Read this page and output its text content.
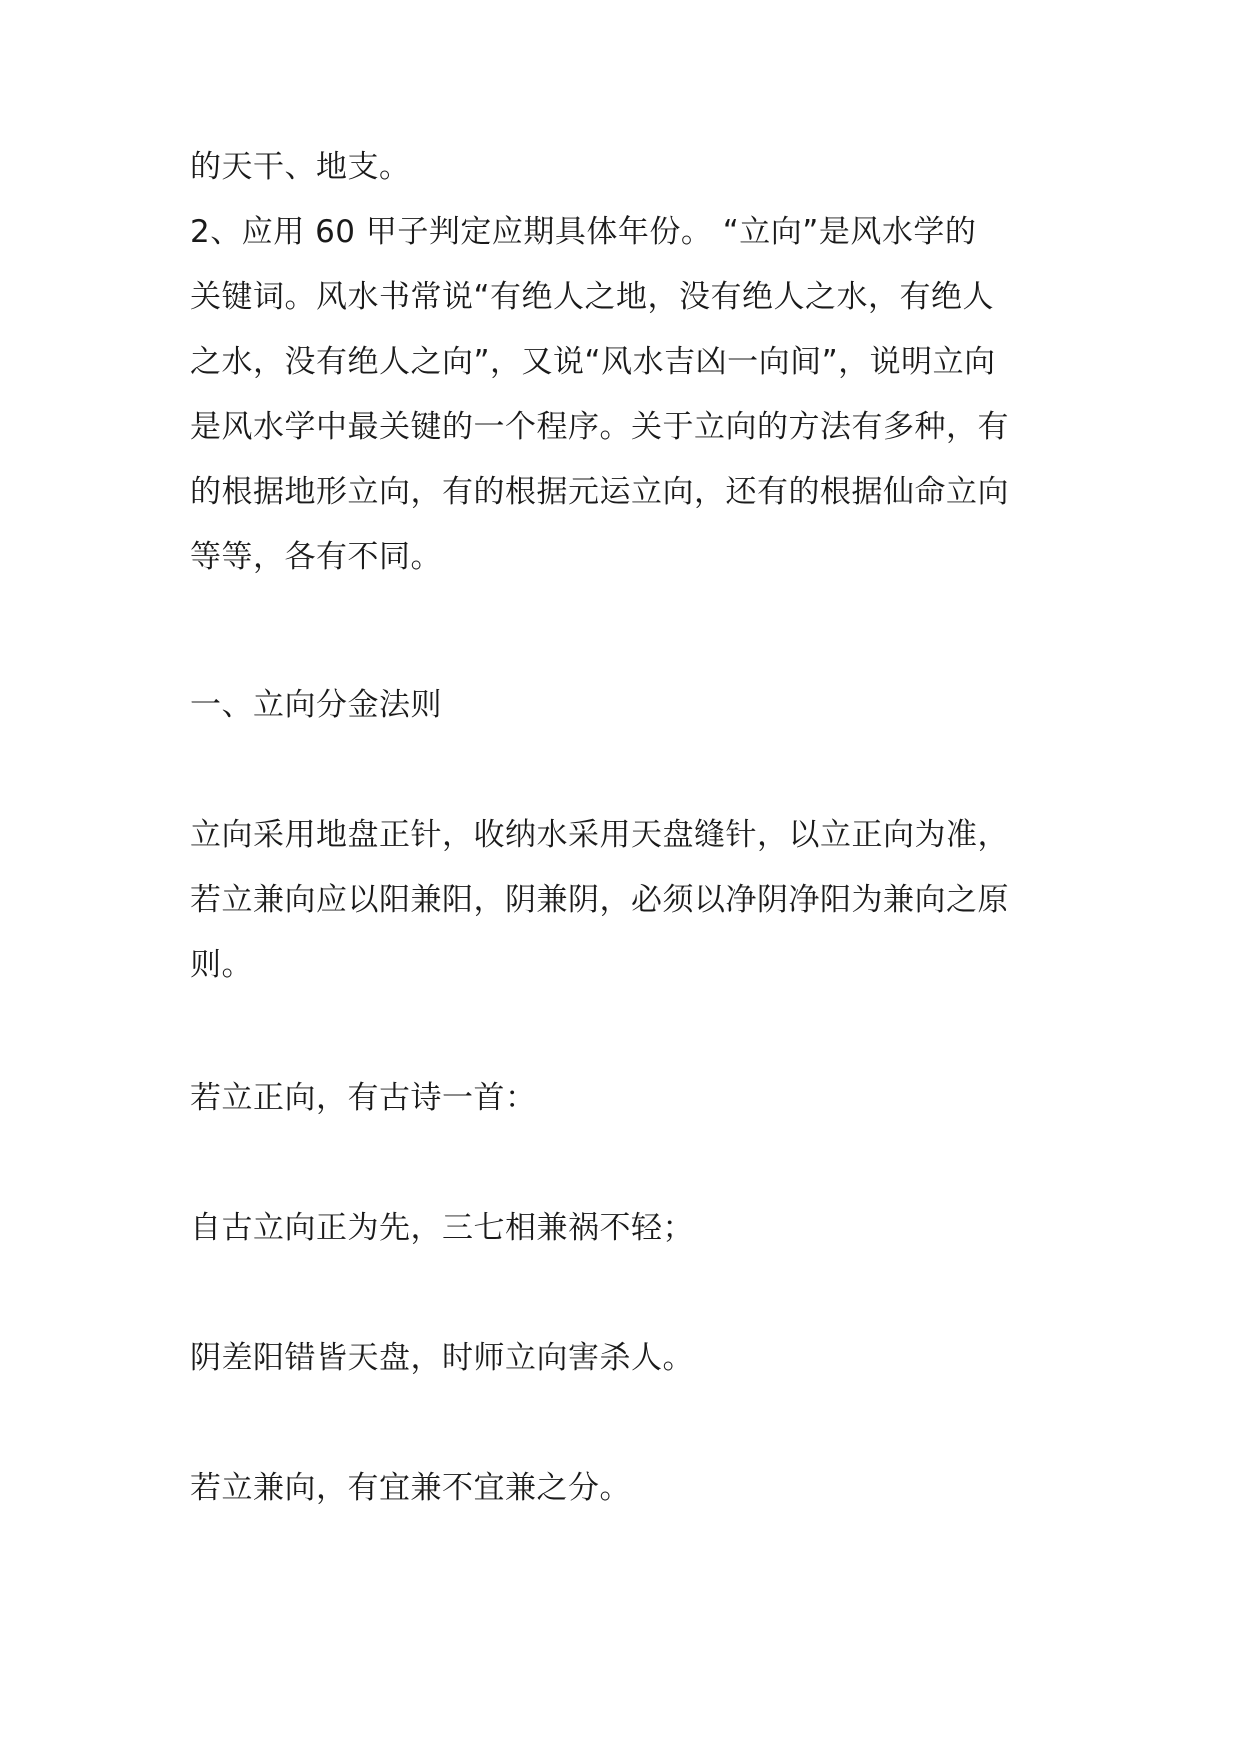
的天干、地支。
2、应用 60 甲子判定应期具体年份。 “立向”是风水学的
关键词。风水书常说“有绝人之地，没有绝人之水，有绝人
之水，没有绝人之向”，又说“风水吉凶一向间”，说明立向
是风水学中最关键的一个程序。关于立向的方法有多种，有
的根据地形立向，有的根据元运立向，还有的根据仙命立向
等等，各有不同。
一、立向分金法则
立向采用地盘正针，收纳水采用天盘缝针，以立正向为准，
若立兼向应以阳兼阳，阴兼阴，必须以净阴净阳为兼向之原
则。
若立正向，有古诗一首：
自古立向正为先，三七相兼祸不轻；
阴差阳错皆天盘，时师立向害杀人。
若立兼向，有宜兼不宜兼之分。
